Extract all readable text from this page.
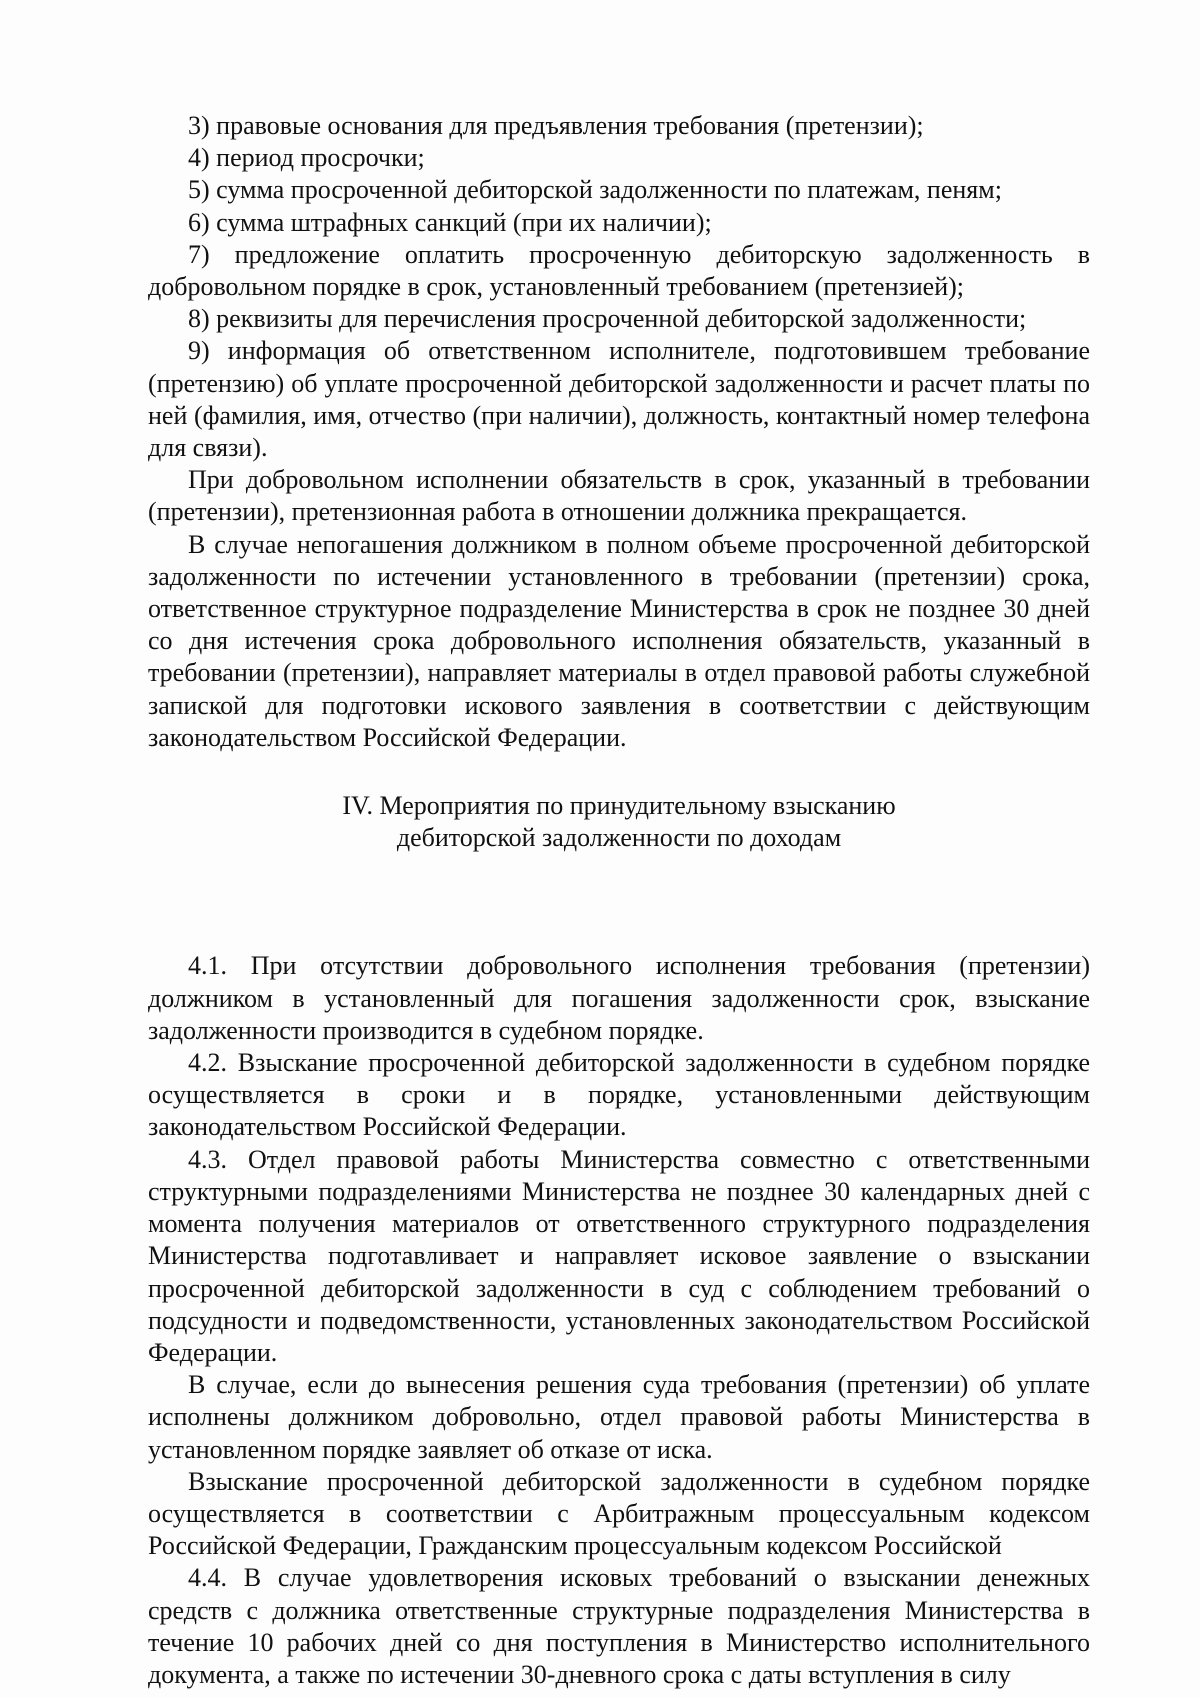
3) правовые основания для предъявления требования (претензии);

4) период просрочки;

5) сумма просроченной дебиторской задолженности по платежам, пеням;

6) сумма штрафных санкций (при их наличии);

7) предложение оплатить просроченную дебиторскую задолженность в добровольном порядке в срок, установленный требованием (претензией);

8) реквизиты для перечисления просроченной дебиторской задолженности;

9) информация об ответственном исполнителе, подготовившем требование (претензию) об уплате просроченной дебиторской задолженности и расчет платы по ней (фамилия, имя, отчество (при наличии), должность, контактный номер телефона для связи).

При добровольном исполнении обязательств в срок, указанный в требовании (претензии), претензионная работа в отношении должника прекращается.

В случае непогашения должником в полном объеме просроченной дебиторской задолженности по истечении установленного в требовании (претензии) срока, ответственное структурное подразделение Министерства в срок не позднее 30 дней со дня истечения срока добровольного исполнения обязательств, указанный в требовании (претензии), направляет материалы в отдел правовой работы служебной запиской для подготовки искового заявления в соответствии с действующим законодательством Российской Федерации.

IV. Мероприятия по принудительному взысканию
дебиторской задолженности по доходам

4.1. При отсутствии добровольного исполнения требования (претензии) должником в установленный для погашения задолженности срок, взыскание задолженности производится в судебном порядке.

4.2. Взыскание просроченной дебиторской задолженности в судебном порядке осуществляется в сроки и в порядке, установленными действующим законодательством Российской Федерации.

4.3. Отдел правовой работы Министерства совместно с ответственными структурными подразделениями Министерства не позднее 30 календарных дней с момента получения материалов от ответственного структурного подразделения Министерства подготавливает и направляет исковое заявление о взыскании просроченной дебиторской задолженности в суд с соблюдением требований о подсудности и подведомственности, установленных законодательством Российской Федерации.

В случае, если до вынесения решения суда требования (претензии) об уплате исполнены должником добровольно, отдел правовой работы Министерства в установленном порядке заявляет об отказе от иска.

Взыскание просроченной дебиторской задолженности в судебном порядке осуществляется в соответствии с Арбитражным процессуальным кодексом Российской Федерации, Гражданским процессуальным кодексом Российской

4.4. В случае удовлетворения исковых требований о взыскании денежных средств с должника ответственные структурные подразделения Министерства в течение 10 рабочих дней со дня поступления в Министерство исполнительного документа, а также по истечении 30-дневного срока с даты вступления в силу
